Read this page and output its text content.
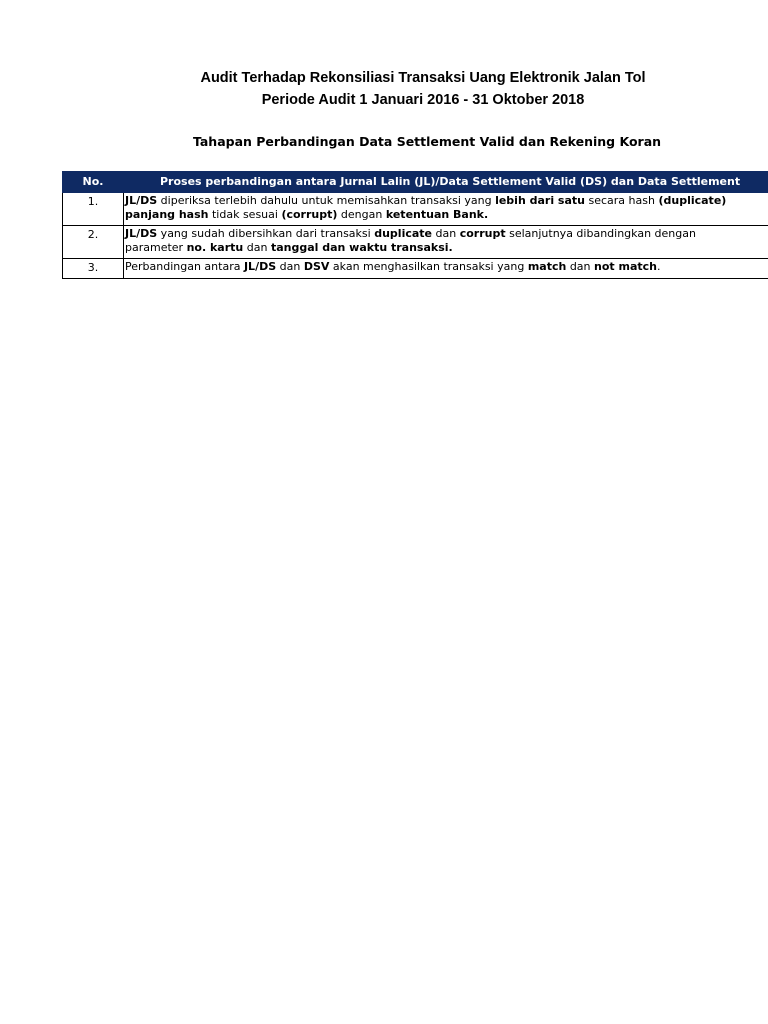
Audit Terhadap Rekonsiliasi Transaksi Uang Elektronik Jalan Tol
Periode Audit 1 Januari 2016 - 31 Oktober 2018
Tahapan Perbandingan Data Settlement Valid dan Rekening Koran
No.	Proses perbandingan antara Jurnal Lalin (JL)/Data Settlement Valid (DS) dan Data Settlement
1.	JL/DS diperiksa terlebih dahulu untuk memisahkan transaksi yang lebih dari satu secara hash (duplicate)
panjang hash tidak sesuai (corrupt) dengan ketentuan Bank.

2.	JL/DS yang sudah dibersihkan dari transaksi duplicate dan corrupt selanjutnya dibandingkan dengan
parameter no. kartu dan tanggal dan waktu transaksi.

3.	Perbandingan antara JL/DS dan DSV akan menghasilkan transaksi yang match dan not match.
